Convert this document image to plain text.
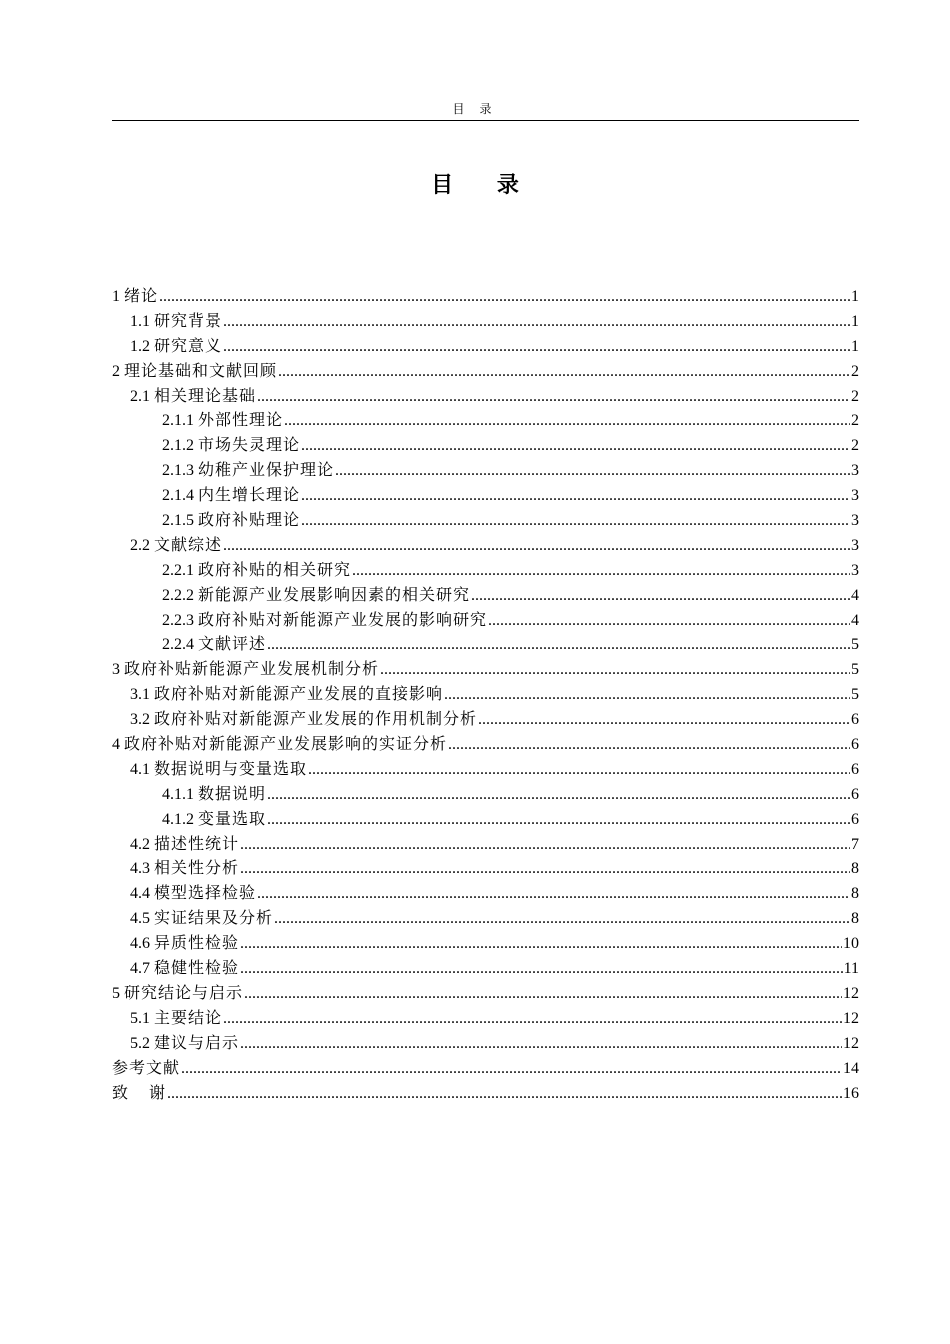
目 录
目 录
1 绪论 .....	1
1.1 研究背景 .....	1
1.2 研究意义 .....	1
2 理论基础和文献回顾 .....	2
2.1 相关理论基础 .....	2
2.1.1 外部性理论 .....	2
2.1.2 市场失灵理论 .....	2
2.1.3 幼稚产业保护理论 .....	3
2.1.4 内生增长理论 .....	3
2.1.5 政府补贴理论 .....	3
2.2 文献综述 .....	3
2.2.1 政府补贴的相关研究 .....	3
2.2.2 新能源产业发展影响因素的相关研究 .....	4
2.2.3 政府补贴对新能源产业发展的影响研究 .....	4
2.2.4 文献评述 .....	5
3 政府补贴新能源产业发展机制分析 .....	5
3.1 政府补贴对新能源产业发展的直接影响 .....	5
3.2 政府补贴对新能源产业发展的作用机制分析 .....	6
4 政府补贴对新能源产业发展影响的实证分析 .....	6
4.1 数据说明与变量选取 .....	6
4.1.1 数据说明 .....	6
4.1.2 变量选取 .....	6
4.2 描述性统计 .....	7
4.3 相关性分析 .....	8
4.4 模型选择检验 .....	8
4.5 实证结果及分析 .....	8
4.6 异质性检验 .....	10
4.7 稳健性检验 .....	11
5 研究结论与启示 .....	12
5.1 主要结论 .....	12
5.2 建议与启示 .....	12
参考文献 .....	14
致    谢 .....	16
